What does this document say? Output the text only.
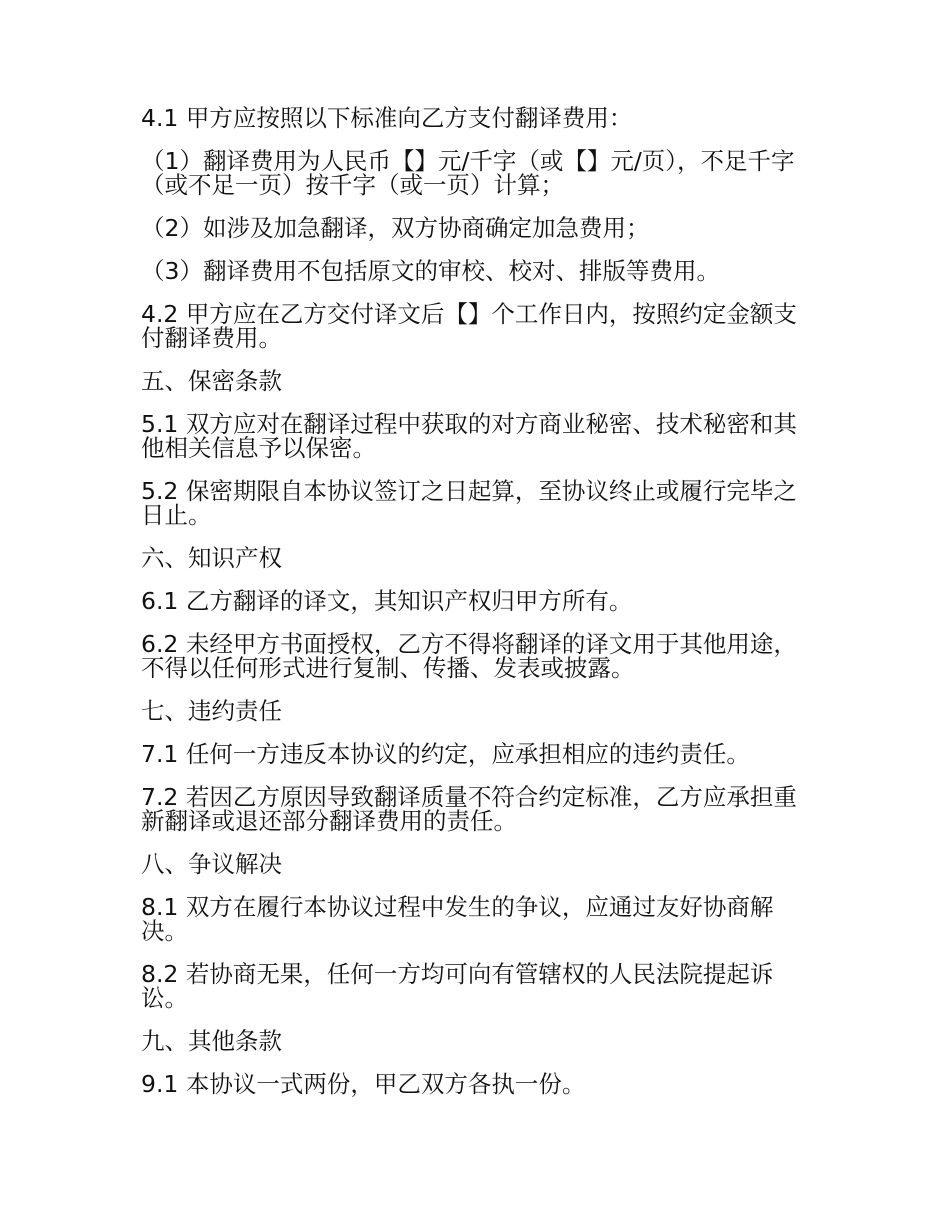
4.1 甲方应按照以下标准向乙方支付翻译费用：

（1）翻译费用为人民币【】元/千字（或【】元/页），不足千字（或不足一页）按千字（或一页）计算；

（2）如涉及加急翻译，双方协商确定加急费用；

（3）翻译费用不包括原文的审校、校对、排版等费用。

4.2 甲方应在乙方交付译文后【】个工作日内，按照约定金额支付翻译费用。

五、保密条款

5.1 双方应对在翻译过程中获取的对方商业秘密、技术秘密和其他相关信息予以保密。

5.2 保密期限自本协议签订之日起算，至协议终止或履行完毕之日止。

六、知识产权

6.1 乙方翻译的译文，其知识产权归甲方所有。

6.2 未经甲方书面授权，乙方不得将翻译的译文用于其他用途，不得以任何形式进行复制、传播、发表或披露。

七、违约责任

7.1 任何一方违反本协议的约定，应承担相应的违约责任。

7.2 若因乙方原因导致翻译质量不符合约定标准，乙方应承担重新翻译或退还部分翻译费用的责任。

八、争议解决

8.1 双方在履行本协议过程中发生的争议，应通过友好协商解决。

8.2 若协商无果，任何一方均可向有管辖权的人民法院提起诉讼。

九、其他条款

9.1 本协议一式两份，甲乙双方各执一份。
